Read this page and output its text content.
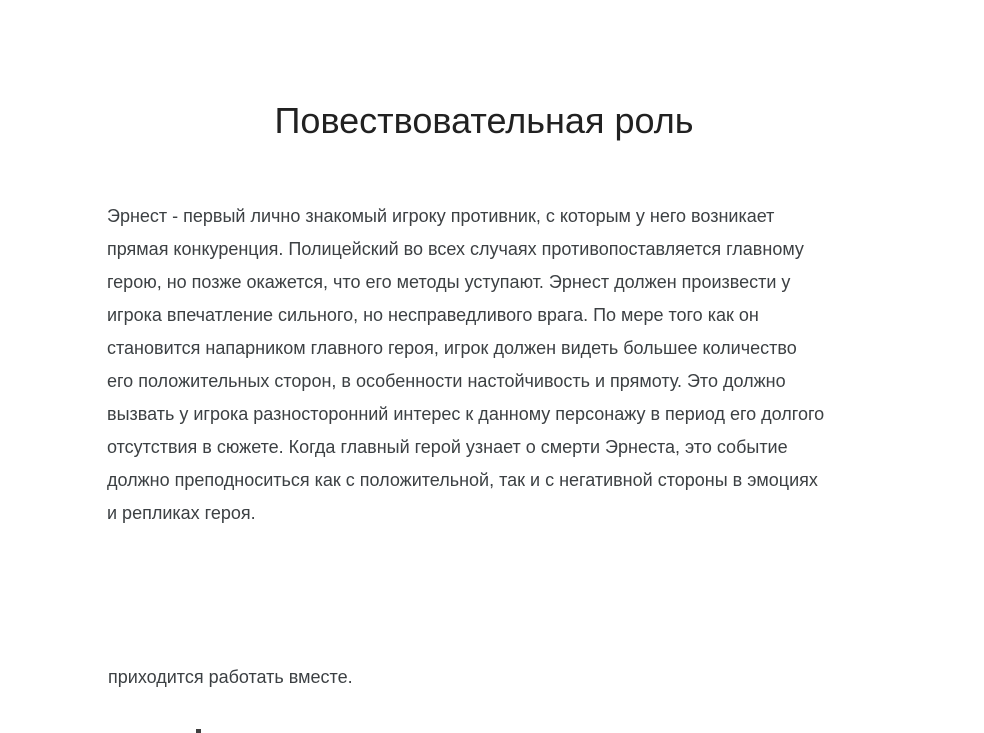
Повествовательная роль
Эрнест - первый лично знакомый игроку противник, с которым у него возникает
прямая конкуренция. Полицейский во всех случаях противопоставляется главному
герою, но позже окажется, что его методы уступают. Эрнест должен произвести у
игрока впечатление сильного, но несправедливого врага. По мере того как он
становится напарником главного героя, игрок должен видеть большее количество
его положительных сторон, в особенности настойчивость и прямоту. Это должно
вызвать у игрока разносторонний интерес к данному персонажу в период его долгого
отсутствия в сюжете. Когда главный герой узнает о смерти Эрнеста, это событие
должно преподноситься как с положительной, так и с негативной стороны в эмоциях
и репликах героя.
приходится работать вместе.
